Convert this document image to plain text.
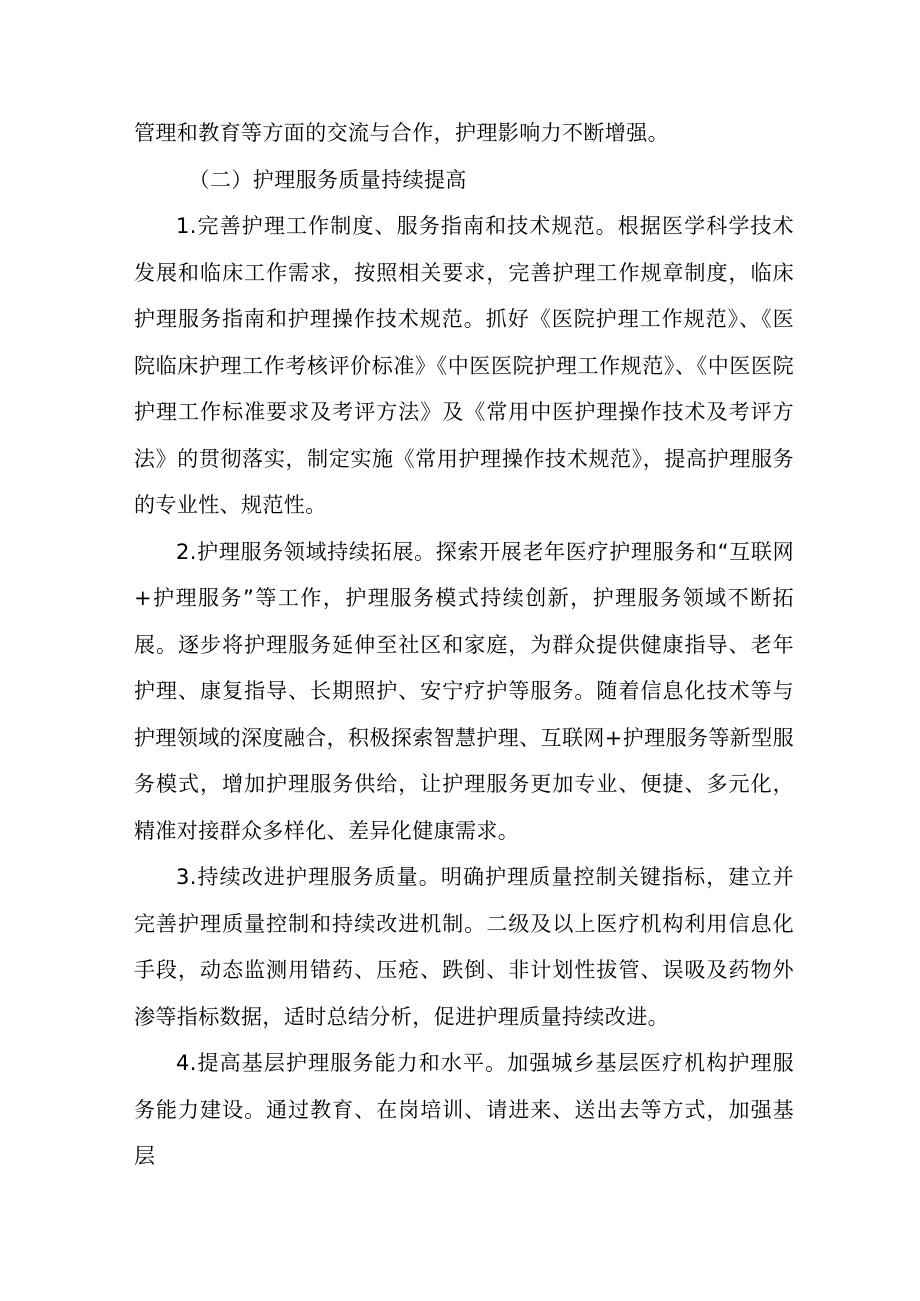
管理和教育等方面的交流与合作，护理影响力不断增强。

（二）护理服务质量持续提高

1.完善护理工作制度、服务指南和技术规范。根据医学科学技术发展和临床工作需求，按照相关要求，完善护理工作规章制度，临床护理服务指南和护理操作技术规范。抓好《医院护理工作规范》、《医院临床护理工作考核评价标准》《中医医院护理工作规范》、《中医医院护理工作标准要求及考评方法》及《常用中医护理操作技术及考评方法》的贯彻落实，制定实施《常用护理操作技术规范》，提高护理服务的专业性、规范性。

2.护理服务领域持续拓展。探索开展老年医疗护理服务和“互联网+护理服务”等工作，护理服务模式持续创新，护理服务领域不断拓展。逐步将护理服务延伸至社区和家庭，为群众提供健康指导、老年护理、康复指导、长期照护、安宁疗护等服务。随着信息化技术等与护理领域的深度融合，积极探索智慧护理、互联网+护理服务等新型服务模式，增加护理服务供给，让护理服务更加专业、便捷、多元化，精准对接群众多样化、差异化健康需求。

3.持续改进护理服务质量。明确护理质量控制关键指标，建立并完善护理质量控制和持续改进机制。二级及以上医疗机构利用信息化手段，动态监测用错药、压疮、跌倒、非计划性拔管、误吸及药物外渗等指标数据，适时总结分析，促进护理质量持续改进。

4.提高基层护理服务能力和水平。加强城乡基层医疗机构护理服务能力建设。通过教育、在岗培训、请进来、送出去等方式，加强基层
